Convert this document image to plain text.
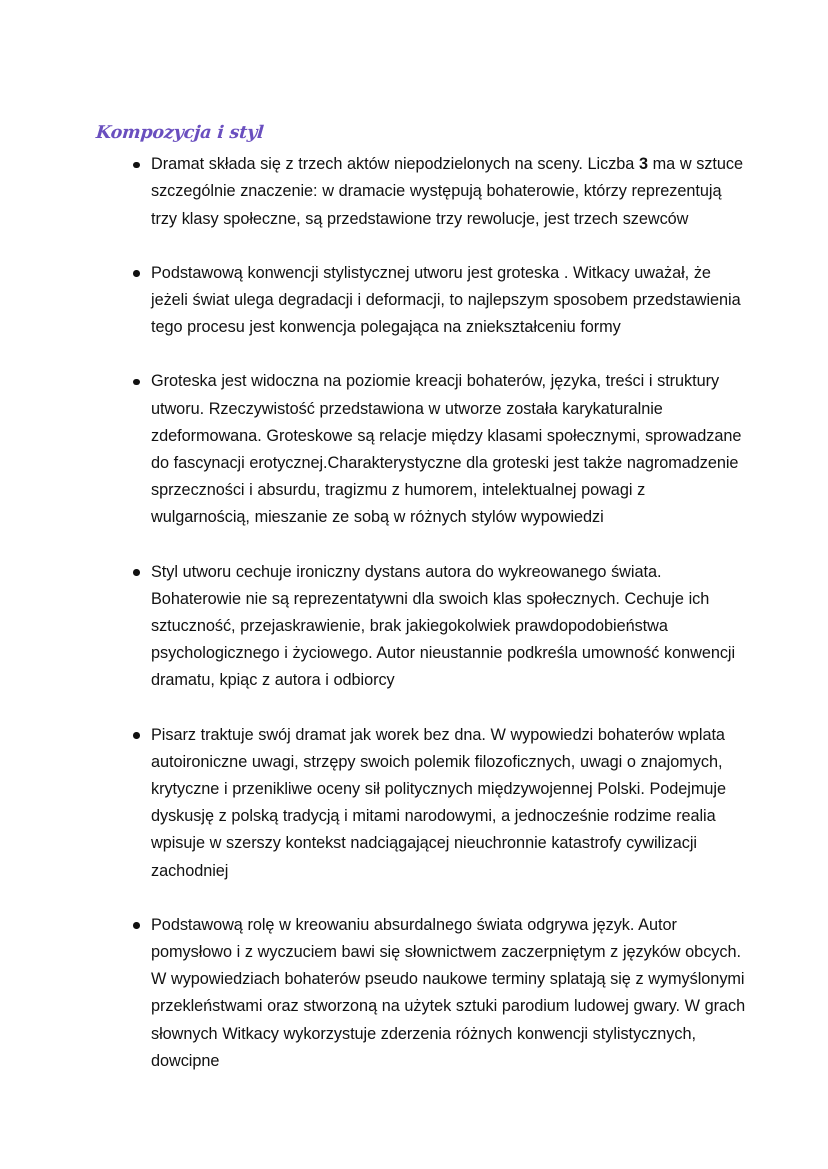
Kompozycja i styl
Dramat składa się z trzech aktów niepodzielonych na sceny. Liczba 3 ma w sztuce szczególnie znaczenie: w dramacie występują bohaterowie, którzy reprezentują trzy klasy społeczne, są przedstawione trzy rewolucje, jest trzech szewców
Podstawową konwencji stylistycznej utworu jest groteska . Witkacy uważał, że jeżeli świat ulega degradacji i deformacji, to najlepszym sposobem przedstawienia tego procesu jest konwencja polegająca na zniekształceniu formy
Groteska jest widoczna na poziomie kreacji bohaterów, języka, treści i struktury utworu. Rzeczywistość przedstawiona w utworze została karykaturalnie zdeformowana. Groteskowe są relacje między klasami społecznymi, sprowadzane do fascynacji erotycznej.Charakterystyczne dla groteski jest także nagromadzenie sprzeczności i absurdu, tragizmu z humorem, intelektualnej powagi z wulgarnością, mieszanie ze sobą w różnych stylów wypowiedzi
Styl utworu cechuje ironiczny dystans autora do wykreowanego świata. Bohaterowie nie są reprezentatywni dla swoich klas społecznych. Cechuje ich sztuczność, przejaskrawienie, brak jakiegokolwiek prawdopodobieństwa psychologicznego i życiowego. Autor nieustannie podkreśla umowność konwencji dramatu, kpiąc z autora i odbiorcy
Pisarz traktuje swój dramat jak worek bez dna. W wypowiedzi bohaterów wplata autoironiczne uwagi, strzępy swoich polemik filozoficznych, uwagi o znajomych, krytyczne i przenikliwe oceny sił politycznych międzywojennej Polski. Podejmuje dyskusję z polską tradycją i mitami narodowymi, a jednocześnie rodzime realia wpisuje w szerszy kontekst nadciągającej nieuchronnie katastrofy cywilizacji zachodniej
Podstawową rolę w kreowaniu absurdalnego świata odgrywa język. Autor pomysłowo i z wyczuciem bawi się słownictwem zaczerpniętym z języków obcych. W wypowiedziach bohaterów pseudo naukowe terminy splatają się z wymyślonymi przekleństwami oraz stworzoną na użytek sztuki parodium ludowej gwary. W grach słownych Witkacy wykorzystuje zderzenia różnych konwencji stylistycznych, dowcipne
